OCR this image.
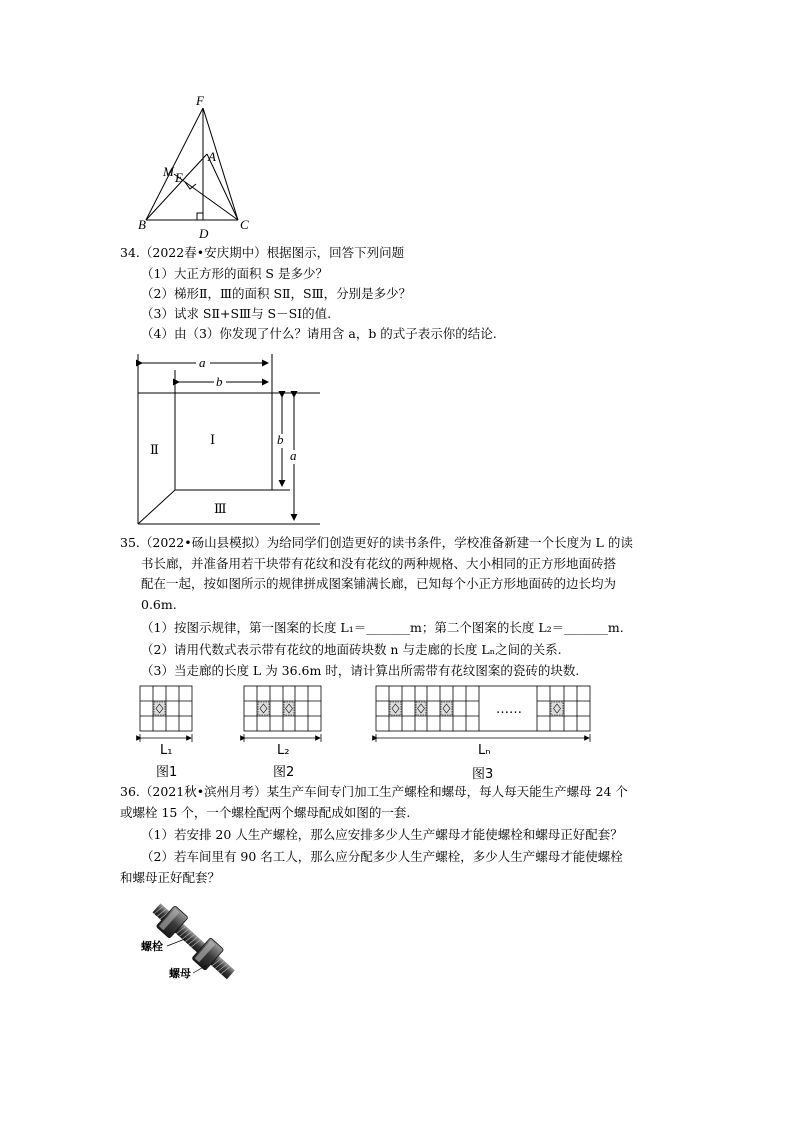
F
A
M E
B
D
C
34.（2022春•安庆期中）根据图示，回答下列问题
（1）大正方形的面积 S 是多少？
（2）梯形Ⅱ，Ⅲ的面积 SⅡ，SⅢ，分别是多少？
（3）试求 SⅡ+SⅢ与 S－SⅠ的值.
（4）由（3）你发现了什么？请用含 a，b 的式子表示你的结论.
a
b
b
a
Ⅰ
Ⅱ
Ⅲ
35.（2022•砀山县模拟）为给同学们创造更好的读书条件，学校准备新建一个长度为 L 的读
书长廊，并准备用若干块带有花纹和没有花纹的两种规格、大小相同的正方形地面砖搭
配在一起，按如图所示的规律拼成图案铺满长廊，已知每个小正方形地面砖的边长均为
0.6m.
（1）按图示规律，第一图案的长度 L₁＝_______m；第二个图案的长度 L₂＝_______m.
（2）请用代数式表示带有花纹的地面砖块数 n 与走廊的长度 Lₙ之间的关系.
（3）当走廊的长度 L 为 36.6m 时，请计算出所需带有花纹图案的瓷砖的块数.
L₁
图1
L₂
图2
……
Lₙ
图3
36.（2021秋•滨州月考）某生产车间专门加工生产螺栓和螺母，每人每天能生产螺母 24 个
或螺栓 15 个，一个螺栓配两个螺母配成如图的一套.
（1）若安排 20 人生产螺栓，那么应安排多少人生产螺母才能使螺栓和螺母正好配套？
（2）若车间里有 90 名工人，那么应分配多少人生产螺栓，多少人生产螺母才能使螺栓
和螺母正好配套？
螺栓
螺母
